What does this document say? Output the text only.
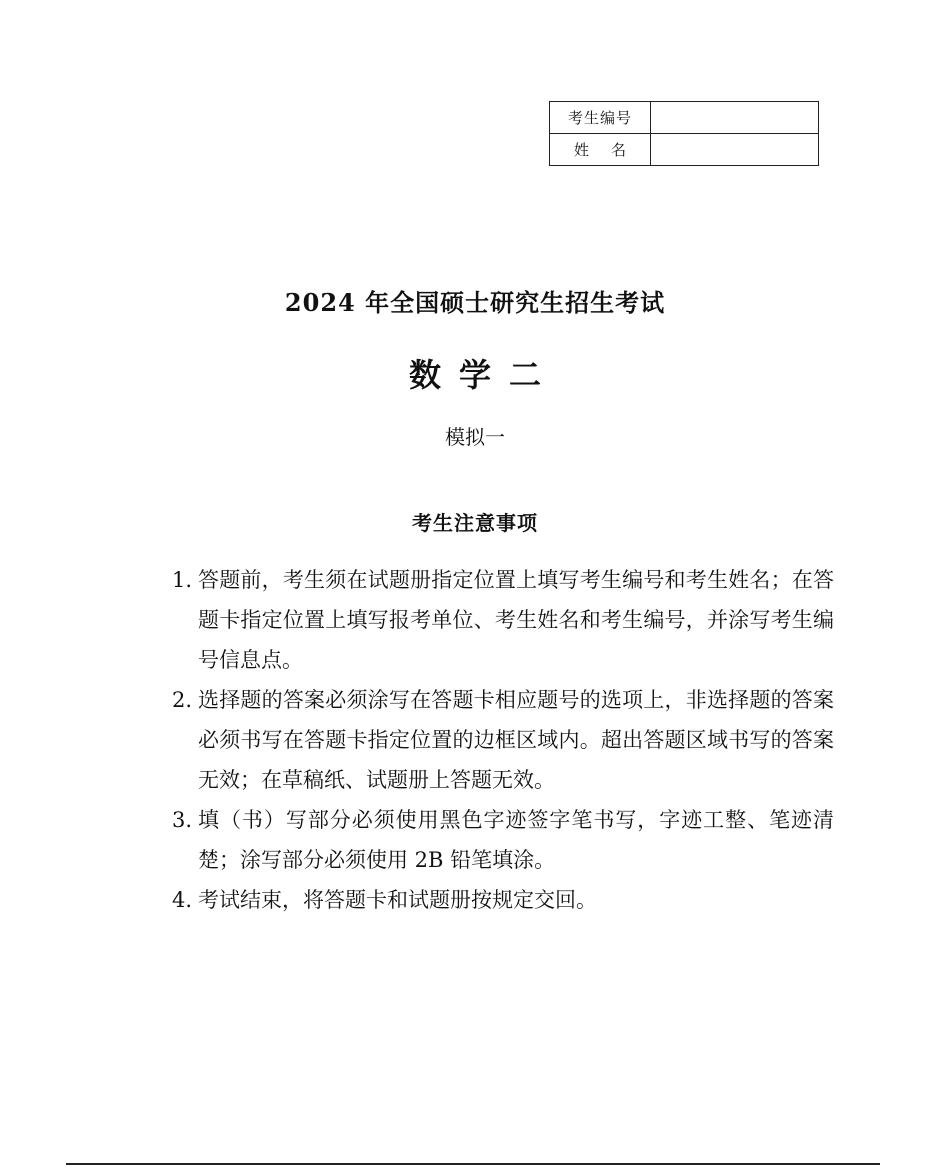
考生编号	
姓名	
2024 年全国硕士研究生招生考试
数学二
模拟一
考生注意事项
1. 答题前，考生须在试题册指定位置上填写考生编号和考生姓名；在答题卡指定位置上填写报考单位、考生姓名和考生编号，并涂写考生编号信息点。
2. 选择题的答案必须涂写在答题卡相应题号的选项上，非选择题的答案必须书写在答题卡指定位置的边框区域内。超出答题区域书写的答案无效；在草稿纸、试题册上答题无效。
3. 填（书）写部分必须使用黑色字迹签字笔书写，字迹工整、笔迹清楚；涂写部分必须使用 2B 铅笔填涂。
4. 考试结束，将答题卡和试题册按规定交回。
